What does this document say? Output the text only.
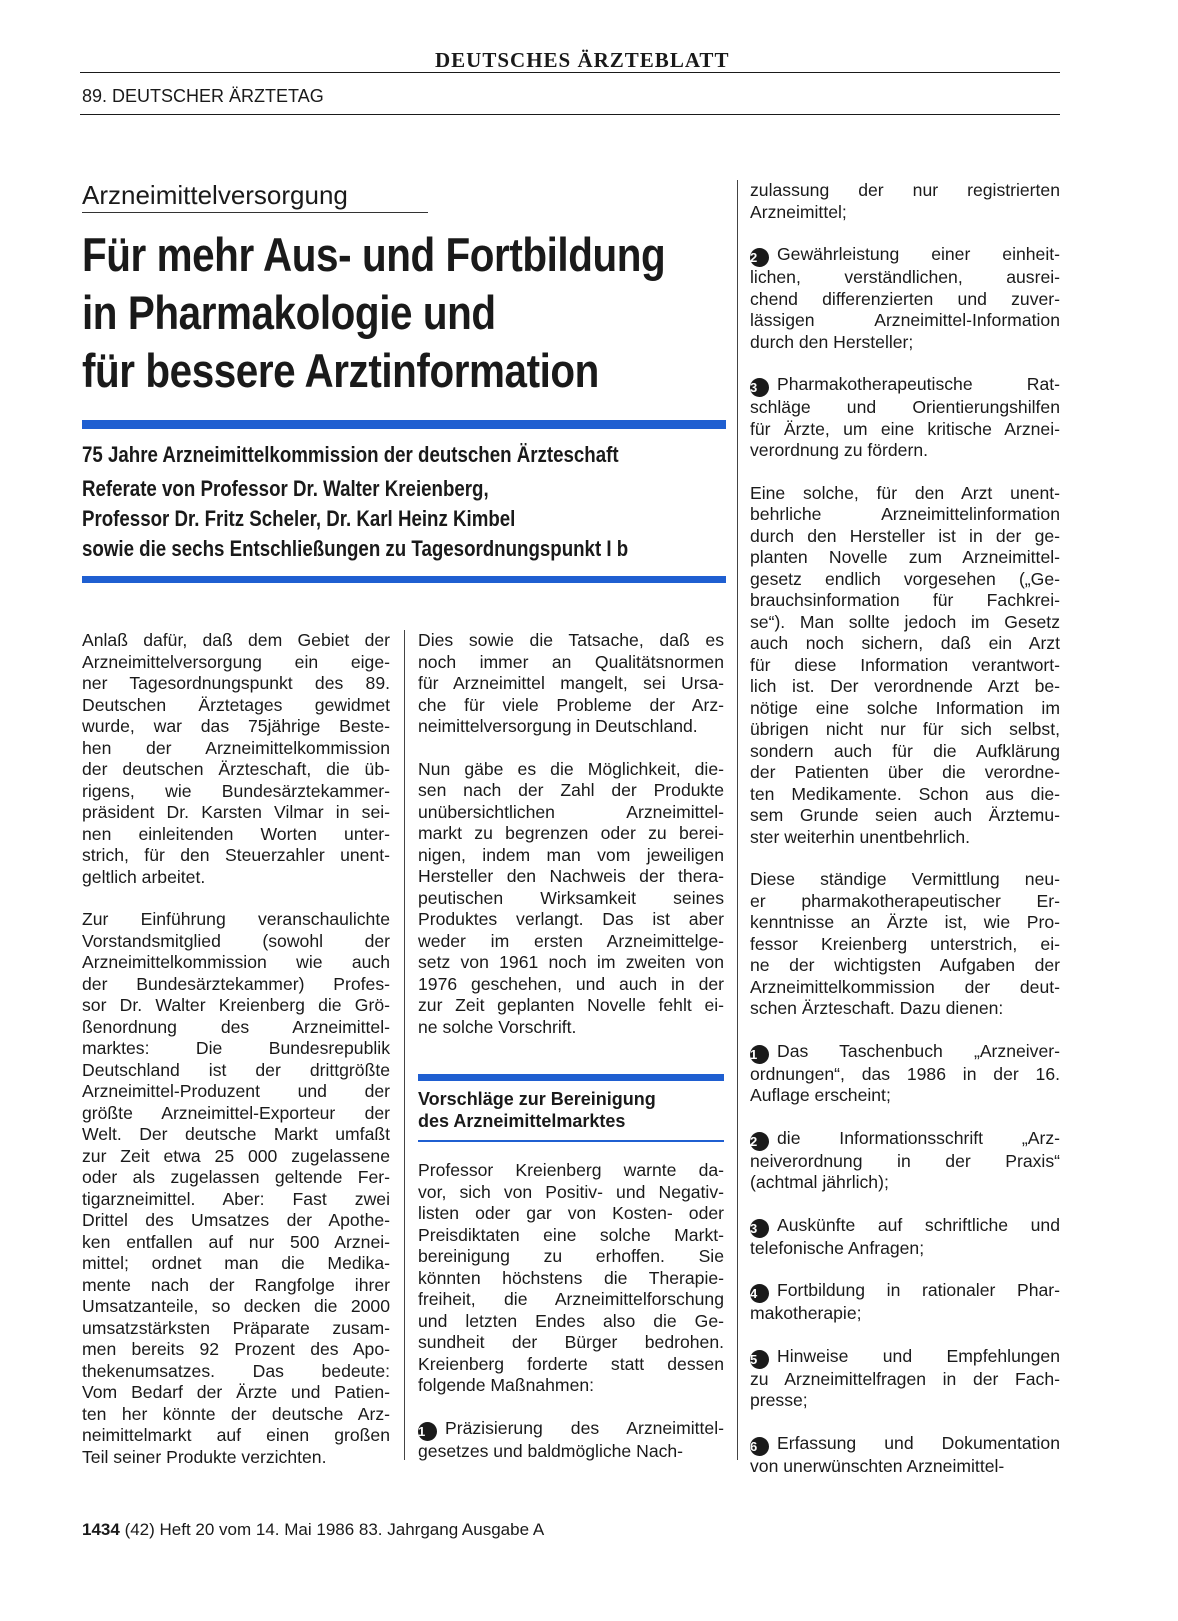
DEUTSCHES ÄRZTEBLATT
89. DEUTSCHER ÄRZTETAG
Arzneimittelversorgung
Für mehr Aus- und Fortbildung
in Pharmakologie und
für bessere Arztinformation
75 Jahre Arzneimittelkommission der deutschen Ärzteschaft
Referate von Professor Dr. Walter Kreienberg,
Professor Dr. Fritz Scheler, Dr. Karl Heinz Kimbel
sowie die sechs Entschließungen zu Tagesordnungspunkt I b

Anlaß dafür, daß dem Gebiet der
Arzneimittelversorgung ein eige-
ner Tagesordnungspunkt des 89.
Deutschen Ärztetages gewidmet
wurde, war das 75jährige Beste-
hen der Arzneimittelkommission
der deutschen Ärzteschaft, die üb-
rigens, wie Bundesärztekammer-
präsident Dr. Karsten Vilmar in sei-
nen einleitenden Worten unter-
strich, für den Steuerzahler unent-
geltlich arbeitet.

Zur Einführung veranschaulichte
Vorstandsmitglied (sowohl der
Arzneimittelkommission wie auch
der Bundesärztekammer) Profes-
sor Dr. Walter Kreienberg die Grö-
ßenordnung des Arzneimittel-
marktes: Die Bundesrepublik
Deutschland ist der drittgrößte
Arzneimittel-Produzent und der
größte Arzneimittel-Exporteur der
Welt. Der deutsche Markt umfaßt
zur Zeit etwa 25 000 zugelassene
oder als zugelassen geltende Fer-
tigarzneimittel. Aber: Fast zwei
Drittel des Umsatzes der Apothe-
ken entfallen auf nur 500 Arznei-
mittel; ordnet man die Medika-
mente nach der Rangfolge ihrer
Umsatzanteile, so decken die 2000
umsatzstärksten Präparate zusam-
men bereits 92 Prozent des Apo-
thekenumsatzes. Das bedeute:
Vom Bedarf der Ärzte und Patien-
ten her könnte der deutsche Arz-
neimittelmarkt auf einen großen
Teil seiner Produkte verzichten.

Dies sowie die Tatsache, daß es
noch immer an Qualitätsnormen
für Arzneimittel mangelt, sei Ursa-
che für viele Probleme der Arz-
neimittelversorgung in Deutschland.

Nun gäbe es die Möglichkeit, die-
sen nach der Zahl der Produkte
unübersichtlichen Arzneimittel-
markt zu begrenzen oder zu berei-
nigen, indem man vom jeweiligen
Hersteller den Nachweis der thera-
peutischen Wirksamkeit seines
Produktes verlangt. Das ist aber
weder im ersten Arzneimittelge-
setz von 1961 noch im zweiten von
1976 geschehen, und auch in der
zur Zeit geplanten Novelle fehlt ei-
ne solche Vorschrift.

Vorschläge zur Bereinigung
des Arzneimittelmarktes

Professor Kreienberg warnte da-
vor, sich von Positiv- und Negativ-
listen oder gar von Kosten- oder
Preisdiktaten eine solche Markt-
bereinigung zu erhoffen. Sie
könnten höchstens die Therapie-
freiheit, die Arzneimittelforschung
und letzten Endes also die Ge-
sundheit der Bürger bedrohen.
Kreienberg forderte statt dessen
folgende Maßnahmen:

1 Präzisierung des Arzneimittel-
gesetzes und baldmögliche Nach-

zulassung der nur registrierten
Arzneimittel;

2 Gewährleistung einer einheit-
lichen, verständlichen, ausrei-
chend differenzierten und zuver-
lässigen Arzneimittel-Information
durch den Hersteller;

3 Pharmakotherapeutische Rat-
schläge und Orientierungshilfen
für Ärzte, um eine kritische Arznei-
verordnung zu fördern.

Eine solche, für den Arzt unent-
behrliche Arzneimittelinformation
durch den Hersteller ist in der ge-
planten Novelle zum Arzneimittel-
gesetz endlich vorgesehen („Ge-
brauchsinformation für Fachkrei-
se“). Man sollte jedoch im Gesetz
auch noch sichern, daß ein Arzt
für diese Information verantwort-
lich ist. Der verordnende Arzt be-
nötige eine solche Information im
übrigen nicht nur für sich selbst,
sondern auch für die Aufklärung
der Patienten über die verordne-
ten Medikamente. Schon aus die-
sem Grunde seien auch Ärztemu-
ster weiterhin unentbehrlich.

Diese ständige Vermittlung neu-
er pharmakotherapeutischer Er-
kenntnisse an Ärzte ist, wie Pro-
fessor Kreienberg unterstrich, ei-
ne der wichtigsten Aufgaben der
Arzneimittelkommission der deut-
schen Ärzteschaft. Dazu dienen:

1 Das Taschenbuch „Arzneiver-
ordnungen“, das 1986 in der 16.
Auflage erscheint;

2 die Informationsschrift „Arz-
neiverordnung in der Praxis“
(achtmal jährlich);

3 Auskünfte auf schriftliche und
telefonische Anfragen;

4 Fortbildung in rationaler Phar-
makotherapie;

5 Hinweise und Empfehlungen
zu Arzneimittelfragen in der Fach-
presse;

6 Erfassung und Dokumentation
von unerwünschten Arzneimittel-

1434 (42) Heft 20 vom 14. Mai 1986 83. Jahrgang Ausgabe A
